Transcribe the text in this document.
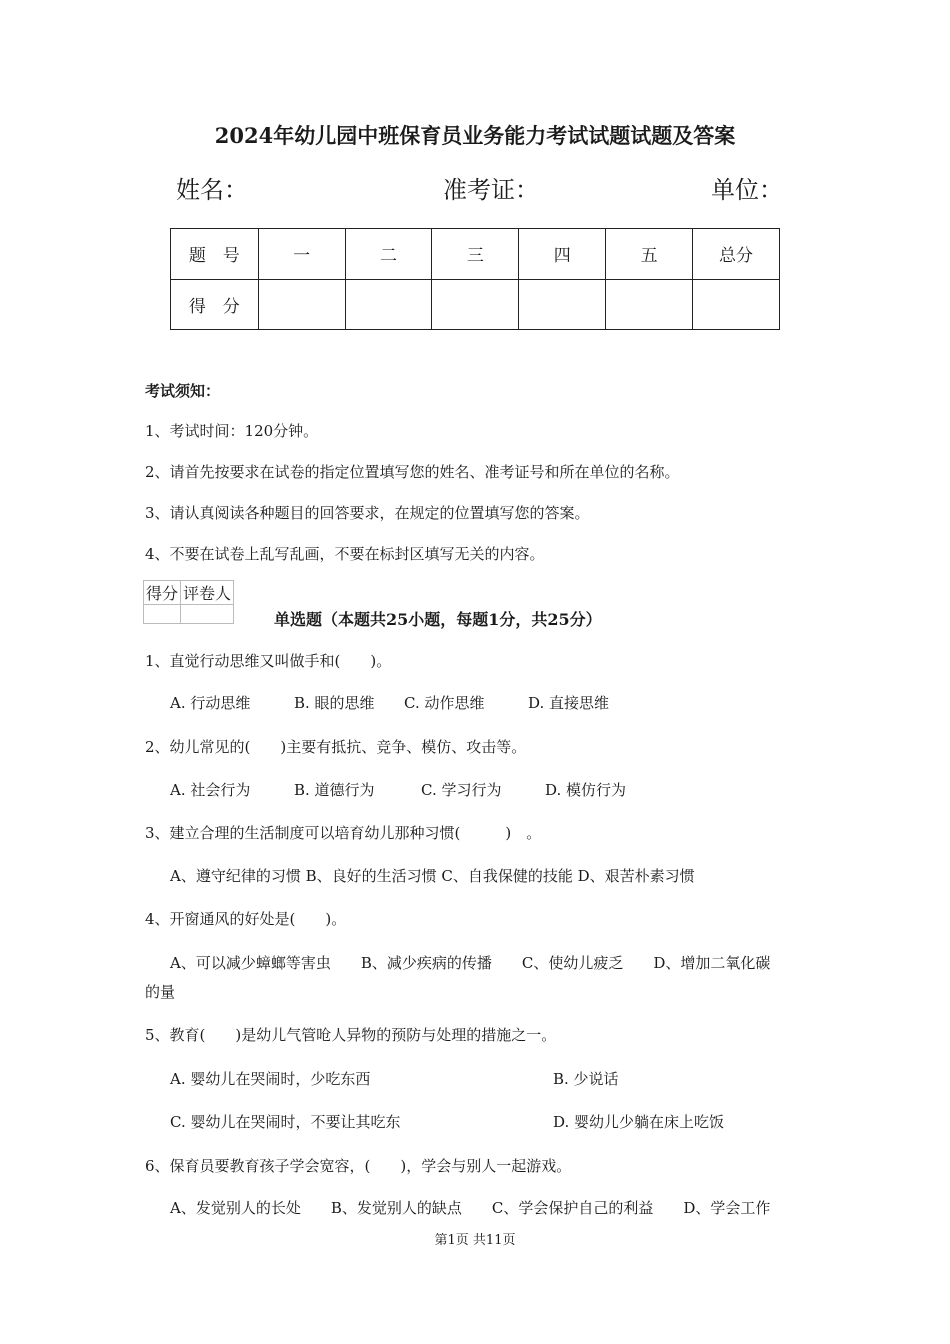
2024年幼儿园中班保育员业务能力考试试题试题及答案
姓名：	准考证：	单位：
题　号	一	二	三	四	五	总分
得　分						
考试须知：
1、考试时间：120分钟。
2、请首先按要求在试卷的指定位置填写您的姓名、准考证号和所在单位的名称。
3、请认真阅读各种题目的回答要求，在规定的位置填写您的答案。
4、不要在试卷上乱写乱画，不要在标封区填写无关的内容。
得分	评卷人

单选题（本题共25小题，每题1分，共25分）
1、直觉行动思维又叫做手和(　　)。
A. 行动思维	B. 眼的思维 C. 动作思维	D. 直接思维
2、幼儿常见的(　　)主要有抵抗、竞争、模仿、攻击等。
A. 社会行为	B. 道德行为	C. 学习行为	D. 模仿行为
3、建立合理的生活制度可以培育幼儿那种习惯(　　　)　。
A、遵守纪律的习惯 B、良好的生活习惯 C、自我保健的技能 D、艰苦朴素习惯
4、开窗通风的好处是(　　)。
A、可以减少蟑螂等害虫　　B、减少疾病的传播　　C、使幼儿疲乏　　D、增加二氧化碳
的量
5、教育(　　)是幼儿气管呛人异物的预防与处理的措施之一。
A. 婴幼儿在哭闹时，少吃东西	B. 少说话
C. 婴幼儿在哭闹时，不要让其吃东	D. 婴幼儿少躺在床上吃饭
6、保育员要教育孩子学会宽容，(　　)，学会与别人一起游戏。
A、发觉别人的长处　　B、发觉别人的缺点　　C、学会保护自己的利益　　D、学会工作
第1页 共11页
